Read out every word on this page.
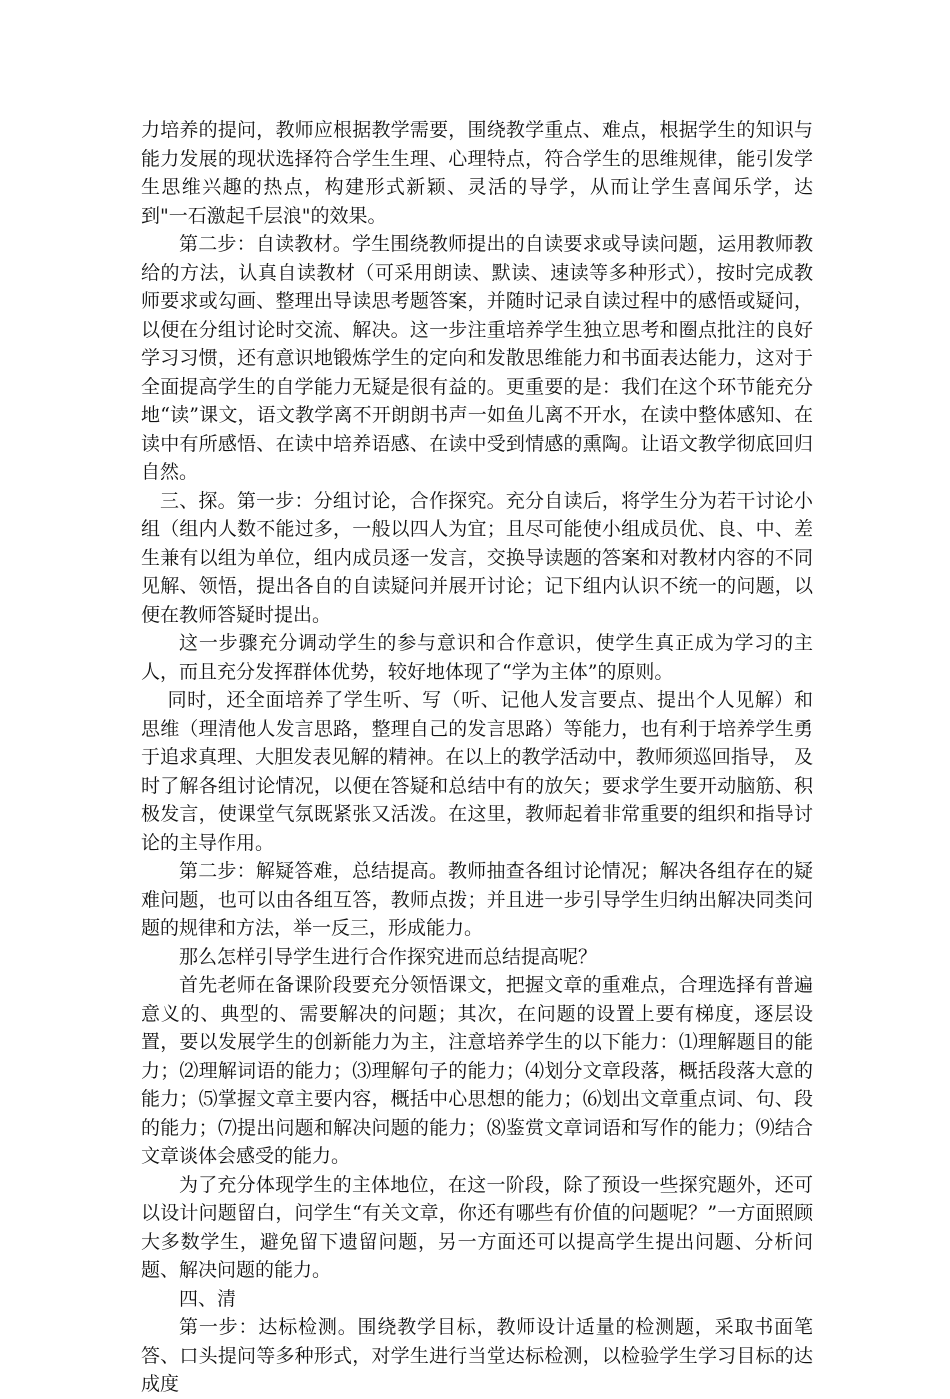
力培养的提问，教师应根据教学需要，围绕教学重点、难点，根据学生的知识与能力发展的现状选择符合学生生理、心理特点，符合学生的思维规律，能引发学生思维兴趣的热点，构建形式新颖、灵活的导学，从而让学生喜闻乐学，达到"一石激起千层浪"的效果。

第二步：自读教材。学生围绕教师提出的自读要求或导读问题，运用教师教给的方法，认真自读教材（可采用朗读、默读、速读等多种形式），按时完成教师要求或勾画、整理出导读思考题答案，并随时记录自读过程中的感悟或疑问，以便在分组讨论时交流、解决。这一步注重培养学生独立思考和圈点批注的良好学习习惯，还有意识地锻炼学生的定向和发散思维能力和书面表达能力，这对于全面提高学生的自学能力无疑是很有益的。更重要的是：我们在这个环节能充分地“读”课文，语文教学离不开朗朗书声一如鱼儿离不开水，在读中整体感知、在读中有所感悟、在读中培养语感、在读中受到情感的熏陶。让语文教学彻底回归自然。

三、探。第一步：分组讨论，合作探究。充分自读后，将学生分为若干讨论小组（组内人数不能过多，一般以四人为宜；且尽可能使小组成员优、良、中、差生兼有以组为单位，组内成员逐一发言，交换导读题的答案和对教材内容的不同见解、领悟，提出各自的自读疑问并展开讨论；记下组内认识不统一的问题，以便在教师答疑时提出。

这一步骤充分调动学生的参与意识和合作意识，使学生真正成为学习的主人，而且充分发挥群体优势，较好地体现了“学为主体”的原则。

同时，还全面培养了学生听、写（听、记他人发言要点、提出个人见解）和思维（理清他人发言思路，整理自己的发言思路）等能力，也有利于培养学生勇于追求真理、大胆发表见解的精神。在以上的教学活动中，教师须巡回指导， 及时了解各组讨论情况，以便在答疑和总结中有的放矢；要求学生要开动脑筋、积极发言，使课堂气氛既紧张又活泼。在这里，教师起着非常重要的组织和指导讨论的主导作用。

第二步：解疑答难，总结提高。教师抽查各组讨论情况；解决各组存在的疑难问题，也可以由各组互答，教师点拨；并且进一步引导学生归纳出解决同类问题的规律和方法，举一反三，形成能力。

那么怎样引导学生进行合作探究进而总结提高呢？

首先老师在备课阶段要充分领悟课文，把握文章的重难点，合理选择有普遍意义的、典型的、需要解决的问题；其次，在问题的设置上要有梯度，逐层设置，要以发展学生的创新能力为主，注意培养学生的以下能力：⑴理解题目的能力；⑵理解词语的能力；⑶理解句子的能力；⑷划分文章段落，概括段落大意的能力；⑸掌握文章主要内容，概括中心思想的能力；⑹划出文章重点词、句、段的能力；⑺提出问题和解决问题的能力；⑻鉴赏文章词语和写作的能力；⑼结合文章谈体会感受的能力。

为了充分体现学生的主体地位，在这一阶段，除了预设一些探究题外，还可以设计问题留白，问学生“有关文章，你还有哪些有价值的问题呢？”一方面照顾大多数学生，避免留下遗留问题，另一方面还可以提高学生提出问题、分析问题、解决问题的能力。

四、清

第一步：达标检测。围绕教学目标，教师设计适量的检测题，采取书面笔答、口头提问等多种形式，对学生进行当堂达标检测，以检验学生学习目标的达成度
